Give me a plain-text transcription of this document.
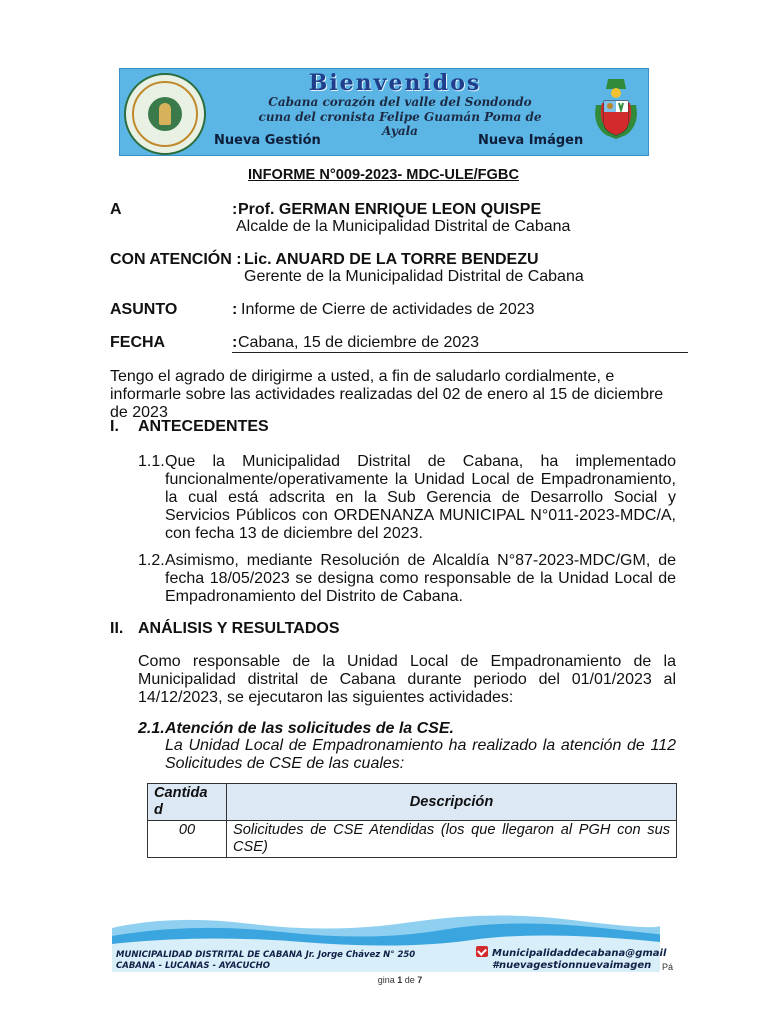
Bienvenidos
Cabana corazón del valle del Sondondo
cuna del cronista Felipe Guamán Poma de Ayala
Nueva Gestión	Nueva Imágen
INFORME N°009-2023- MDC-ULE/FGBC
A	: Prof. GERMAN ENRIQUE LEON QUISPE
Alcalde de la Municipalidad Distrital de Cabana
CON ATENCIÓN :
Lic. ANUARD DE LA TORRE BENDEZU
Gerente de la Municipalidad Distrital de Cabana
ASUNTO	: Informe de Cierre de actividades de 2023
FECHA	: Cabana, 15 de diciembre de 2023
Tengo el agrado de dirigirme a usted, a fin de saludarlo cordialmente, e informarle sobre las actividades realizadas del 02 de enero al 15 de diciembre de 2023
I. ANTECEDENTES
1.1. Que la Municipalidad Distrital de Cabana, ha implementado funcionalmente/operativamente la Unidad Local de Empadronamiento, la cual está adscrita en la Sub Gerencia de Desarrollo Social y Servicios Públicos con ORDENANZA MUNICIPAL N°011-2023-MDC/A, con fecha 13 de diciembre del 2023.
1.2. Asimismo, mediante Resolución de Alcaldía N°87-2023-MDC/GM, de fecha 18/05/2023 se designa como responsable de la Unidad Local de Empadronamiento del Distrito de Cabana.
II. ANÁLISIS Y RESULTADOS
Como responsable de la Unidad Local de Empadronamiento de la Municipalidad distrital de Cabana durante periodo del 01/01/2023 al 14/12/2023, se ejecutaron las siguientes actividades:
2.1. Atención de las solicitudes de la CSE.
La Unidad Local de Empadronamiento ha realizado la atención de 112 Solicitudes de CSE de las cuales:
Cantida d	Descripción
00	Solicitudes de CSE Atendidas (los que llegaron al PGH con sus CSE)
MUNICIPALIDAD DISTRITAL DE CABANA Jr. Jorge Chávez N° 250
CABANA - LUCANAS - AYACUCHO
Municipalidaddecabana@gmail
#nuevagestionnuevaimagen	Pá
gina 1 de 7
